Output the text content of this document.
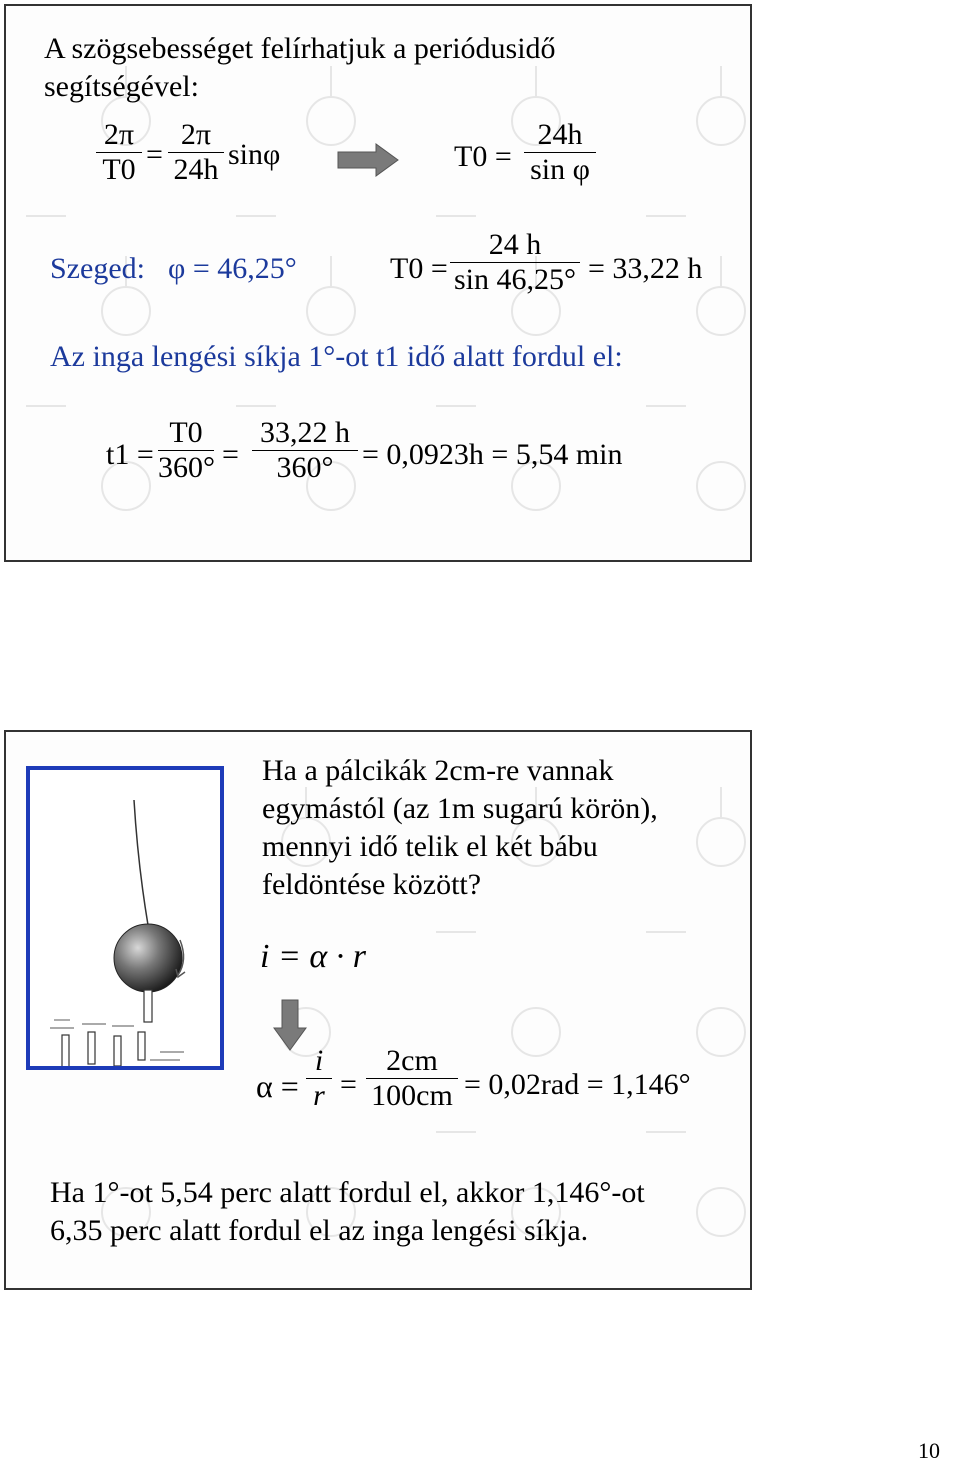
A szögsebességet felírhatjuk a periódusidő
segítségével:
$\frac{2\pi}{T0} = \frac{2\pi}{24h}$ sinφ	$T0 = \frac{24h}{\text{sin φ}}$
Szeged: φ = 46,25°	$T0 = \frac{24 h}{\sin 46,25^\circ} = 33,22$ h
Az inga lengési síkja 1°-ot t1 idő alatt fordul el:
$t1 = \frac{T0}{360^\circ} = \frac{33,22 h}{360^\circ} = 0,0923h = 5,54$ min
Ha a pálcikák 2cm-re vannak
egymástól (az 1m sugarú körön),
mennyi idő telik el két bábu
feldöntése között?
i = α · r
$\alpha = \frac{i}{r} = \frac{2cm}{100cm} = 0,02rad = 1,146^\circ$
Ha 1°-ot 5,54 perc alatt fordul el, akkor 1,146°-ot
6,35 perc alatt fordul el az inga lengési síkja.
10
